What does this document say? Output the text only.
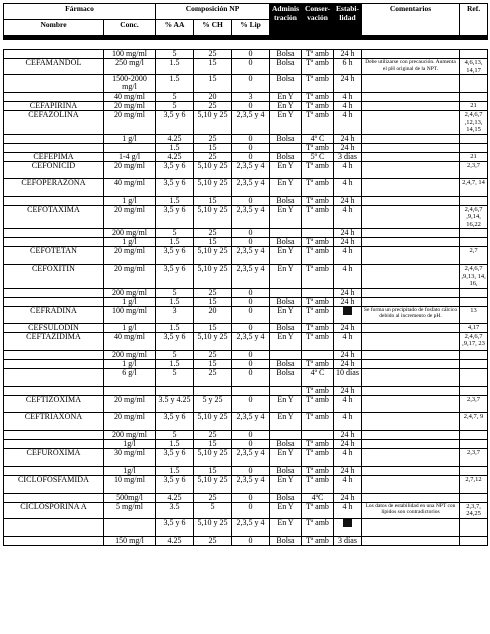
Fármaco		Composición NP			Adminis tración	Conser- vación	Estabi- lidad	Comentarios	Ref.
Nombre	Conc.	% AA	% CH	% Lip					

	100 mg/ml	5	25	0	Bolsa	Tª amb	24 h		
CEFAMANDOL	250 mg/l	1.5	15	0	Bolsa	Tª amb	6 h	Debe utilizarse con precaución. Aumenta el pH original de la NPT.	4,6,13, 14,17
	1500-2000 mg/l	1.5	15	0	Bolsa	Tª amb	24 h		
	40 mg/ml	5	20	3	En Y	Tª amb	4 h		
CEFAPIRINA	20 mg/ml	5	25	0	En Y	Tª amb	4 h		21
CEFAZOLINA	20 mg/ml	3,5 y 6	5,10 y 25	2,3,5 y 4	En Y	Tª amb	4 h		2,4,6,7 ,12,13, 14,15
	1 g/l	4.25	25	0	Bolsa	4º C	24 h		
		1.5	15	0		Tª amb	24 h		
CEFEPIMA	1-4 g/l	4.25	25	0	Bolsa	5º C	3 días		21
CEFONICID	20 mg/ml	3,5 y 6	5,10 y 25	2,3,5 y 4	En Y	Tª amb	4 h		2,3,7
CEFOPERAZONA	40 mg/ml	3,5 y 6	5,10 y 25	2,3,5 y 4	En Y	Tª amb	4 h		2,4,7, 14
	1 g/l	1.5	15	0	Bolsa	Tª amb	24 h		
CEFOTAXIMA	20 mg/ml	3,5 y 6	5,10 y 25	2,3,5 y 4	En Y	Tª amb	4 h		2,4,6,7 ,9,14, 16,22
	200 mg/ml	5	25	0			24 h		
	1 g/l	1.5	15	0	Bolsa	Tª amb	24 h		
CEFOTETAN	20 mg/ml	3,5 y 6	5,10 y 25	2,3,5 y 4	En Y	Tª amb	4 h		2,7
CEFOXITIN	20 mg/ml	3,5 y 6	5,10 y 25	2,3,5 y 4	En Y	Tª amb	4 h		2,4,6,7 ,9,13, 14, 16,
	200 mg/ml	5	25	0			24 h		
	1 g/l	1.5	15	0	Bolsa	Tª amb	24 h		
CEFRADINA	100 mg/ml	3	20	0	En Y	Tª amb		Se forma un precipitado de fosfato cálcico debido al incremento de pH.	13
CEFSULODIN	1 g/l	1.5	15	0	Bolsa	Tª amb	24 h		4,17
CEFTAZIDIMA	40 mg/ml	3,5 y 6	5,10 y 25	2,3,5 y 4	En Y	Tª amb	4 h		2,4,6,7 ,9,17, 23
	200 mg/ml	5	25	0			24 h		
	1 g/l	1.5	15	0	Bolsa	Tª amb	24 h		
	6 g/l	5	25	0	Bolsa	4º C	10 días		
						Tª amb	24 h		
CEFTIZOXIMA	20 mg/ml	3.5 y 4.25	5 y 25	0	En Y	Tª amb	4 h		2,3,7
CEFTRIAXONA	20 mg/ml	3,5 y 6	5,10 y 25	2,3,5 y 4	En Y	Tª amb	4 h		2,4,7, 9
	200 mg/ml	5	25	0			24 h		
	1g/l	1.5	15	0	Bolsa	Tª amb	24 h		
CEFUROXIMA	30 mg/ml	3,5 y 6	5,10 y 25	2,3,5 y 4	En Y	Tª amb	4 h		2,3,7
	1g/l	1.5	15	0	Bolsa	Tª amb	24 h		
CICLOFOSFAMIDA	10 mg/ml	3,5 y 6	5,10 y 25	2,3,5 y 4	En Y	Tª amb	4 h		2,7,12
	500mg/l	4.25	25	0	Bolsa	4ºC	24 h		
CICLOSPORINA A	5 mg/ml	3.5	5	0	En Y	Tª amb	4 h	Los datos de estabilidad en una NPT con lípidos son contradictorios	2,3,7, 24,25
		3,5 y 6	5,10 y 25	2,3,5 y 4	En Y	Tª amb			
	150 mg/l	4.25	25	0	Bolsa	Tª amb	3 días		
